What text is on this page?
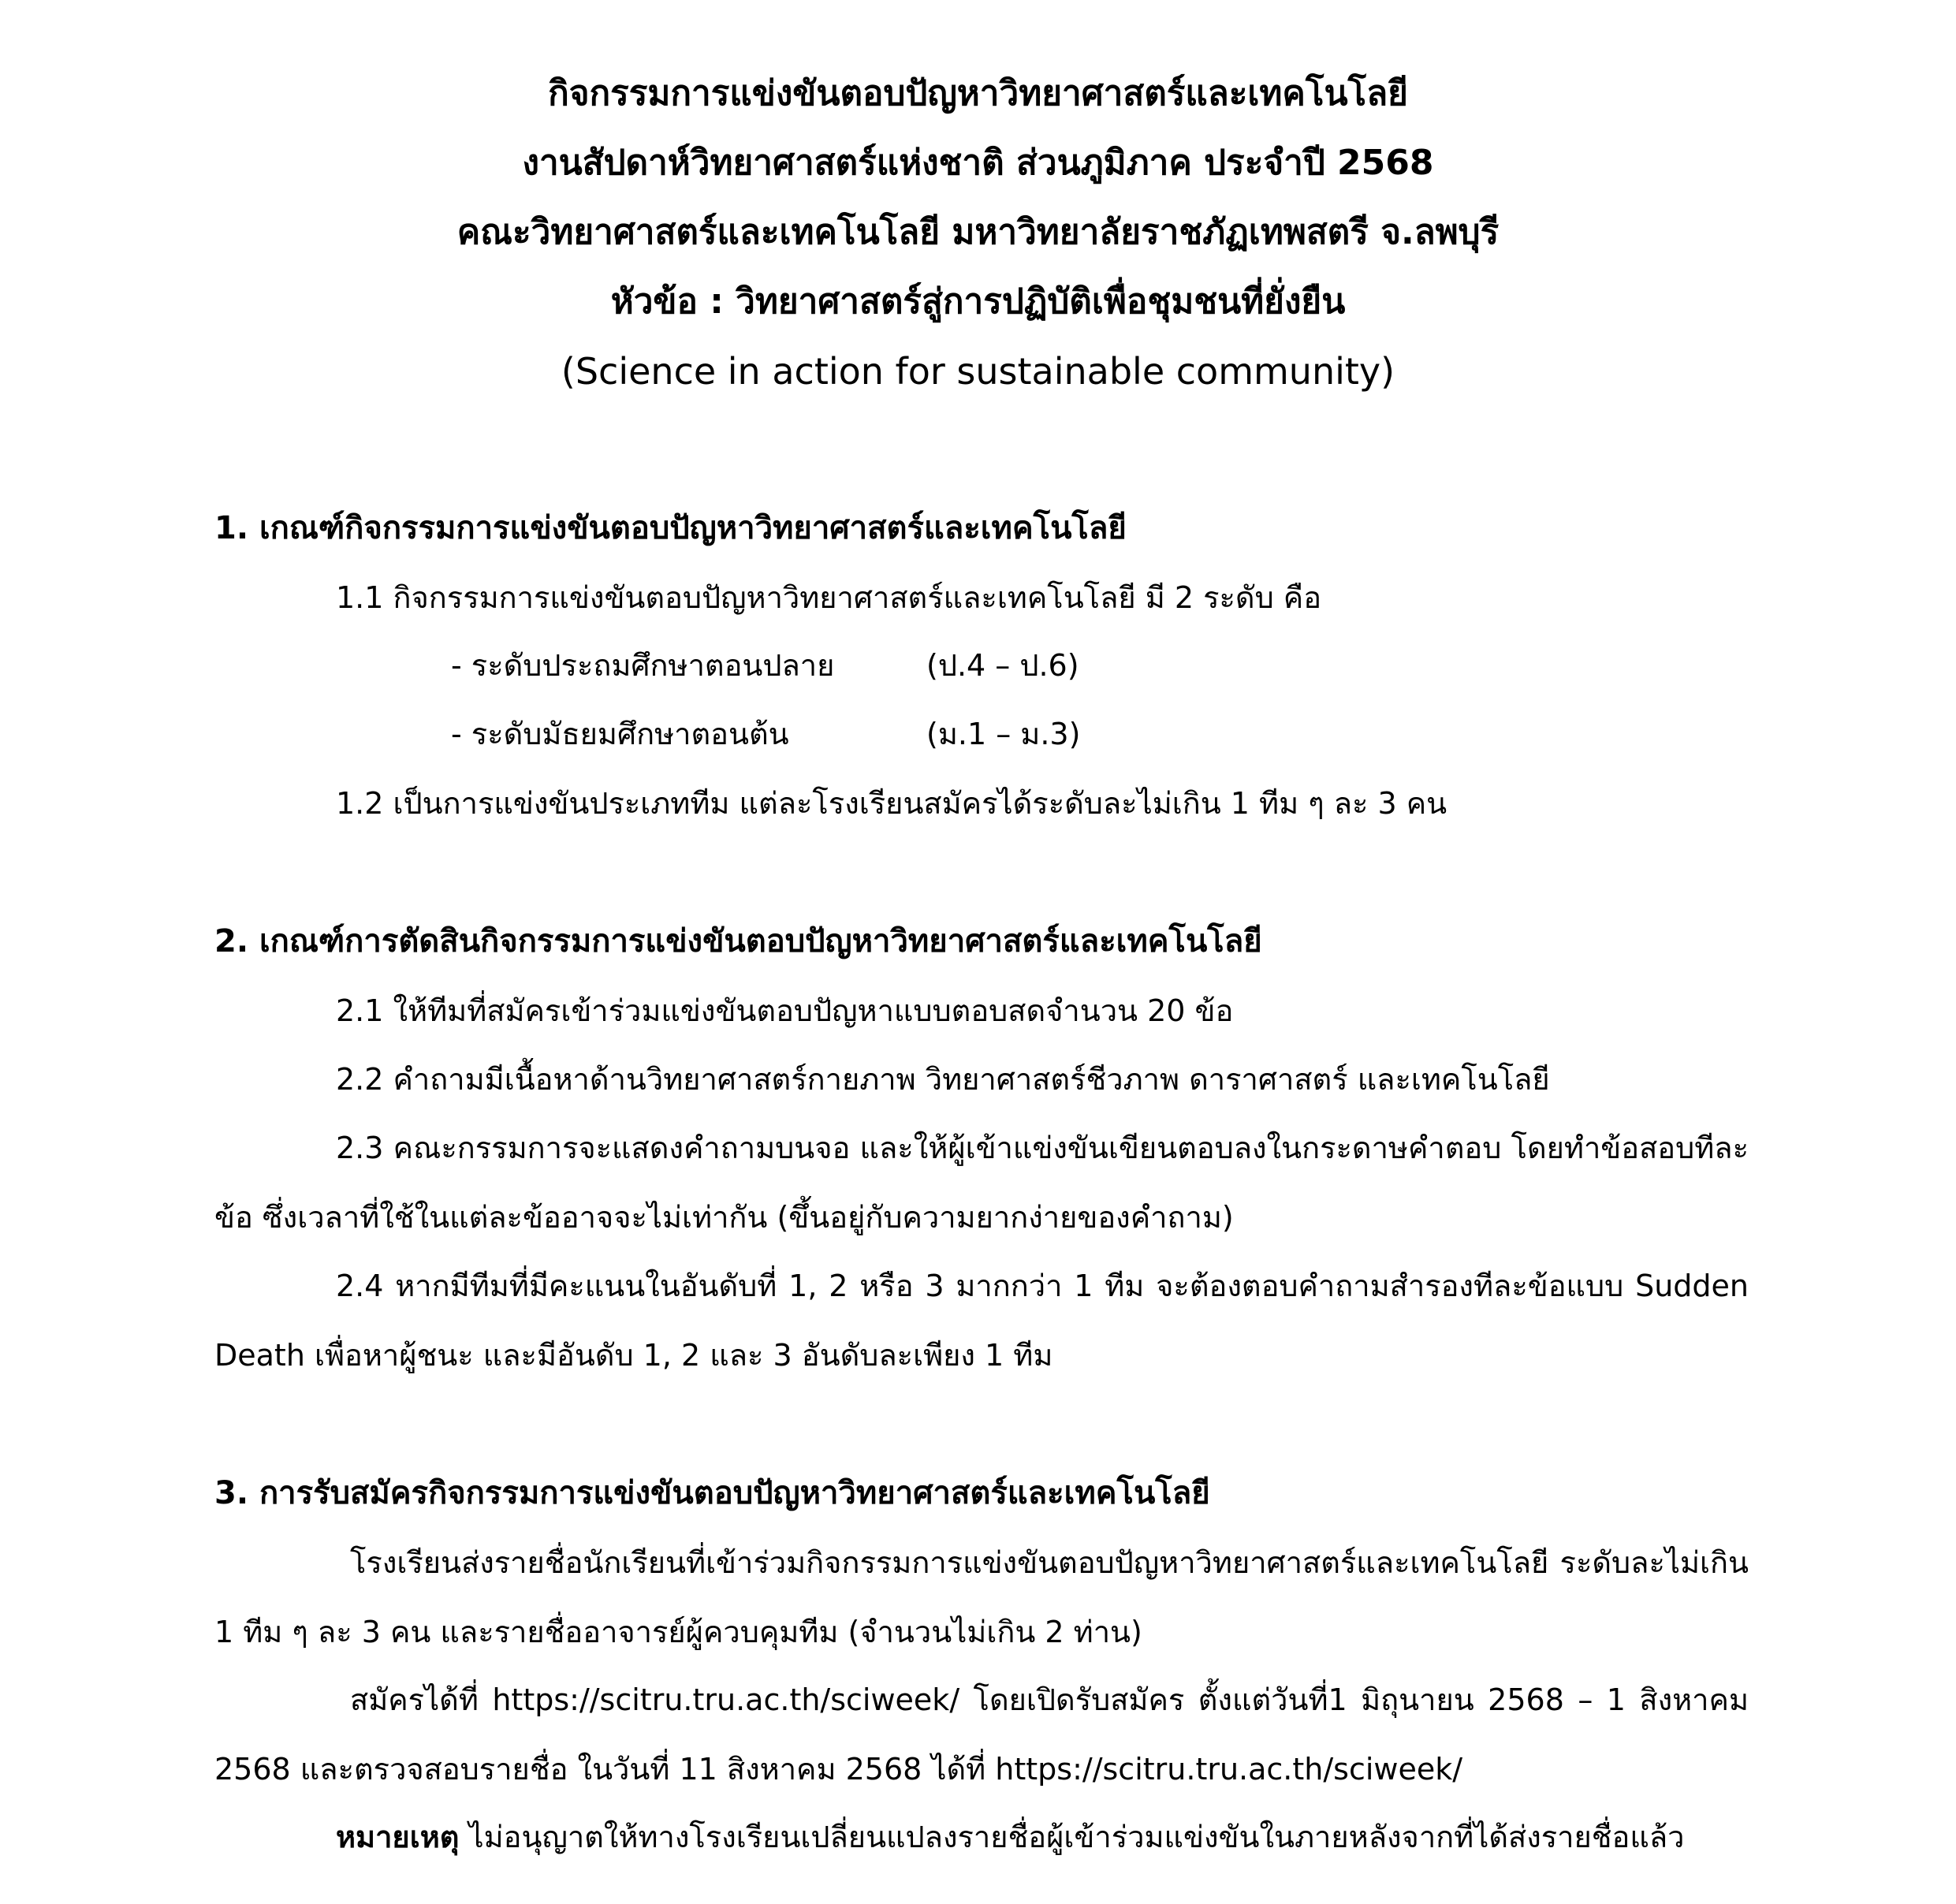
กิจกรรมการแข่งขันตอบปัญหาวิทยาศาสตร์และเทคโนโลยี
งานสัปดาห์วิทยาศาสตร์แห่งชาติ ส่วนภูมิภาค ประจำปี 2568
คณะวิทยาศาสตร์และเทคโนโลยี มหาวิทยาลัยราชภัฏเทพสตรี จ.ลพบุรี
หัวข้อ : วิทยาศาสตร์สู่การปฏิบัติเพื่อชุมชนที่ยั่งยืน
(Science in action for sustainable community)
1. เกณฑ์กิจกรรมการแข่งขันตอบปัญหาวิทยาศาสตร์และเทคโนโลยี
1.1 กิจกรรมการแข่งขันตอบปัญหาวิทยาศาสตร์และเทคโนโลยี มี 2 ระดับ คือ
- ระดับประถมศึกษาตอนปลาย	(ป.4 – ป.6)
- ระดับมัธยมศึกษาตอนต้น	(ม.1 – ม.3)
1.2 เป็นการแข่งขันประเภททีม แต่ละโรงเรียนสมัครได้ระดับละไม่เกิน 1 ทีม ๆ ละ 3 คน
2. เกณฑ์การตัดสินกิจกรรมการแข่งขันตอบปัญหาวิทยาศาสตร์และเทคโนโลยี
2.1 ให้ทีมที่สมัครเข้าร่วมแข่งขันตอบปัญหาแบบตอบสดจำนวน 20 ข้อ
2.2 คำถามมีเนื้อหาด้านวิทยาศาสตร์กายภาพ วิทยาศาสตร์ชีวภาพ ดาราศาสตร์ และเทคโนโลยี
2.3 คณะกรรมการจะแสดงคำถามบนจอ และให้ผู้เข้าแข่งขันเขียนตอบลงในกระดาษคำตอบ โดยทำข้อสอบทีละข้อ ซึ่งเวลาที่ใช้ในแต่ละข้ออาจจะไม่เท่ากัน (ขึ้นอยู่กับความยากง่ายของคำถาม)
2.4 หากมีทีมที่มีคะแนนในอันดับที่ 1, 2 หรือ 3 มากกว่า 1 ทีม จะต้องตอบคำถามสำรองทีละข้อแบบ Sudden Death เพื่อหาผู้ชนะ และมีอันดับ 1, 2 และ 3 อันดับละเพียง 1 ทีม
3. การรับสมัครกิจกรรมการแข่งขันตอบปัญหาวิทยาศาสตร์และเทคโนโลยี
โรงเรียนส่งรายชื่อนักเรียนที่เข้าร่วมกิจกรรมการแข่งขันตอบปัญหาวิทยาศาสตร์และเทคโนโลยี ระดับละไม่เกิน 1 ทีม ๆ ละ 3 คน และรายชื่ออาจารย์ผู้ควบคุมทีม (จำนวนไม่เกิน 2 ท่าน)
สมัครได้ที่ https://scitru.tru.ac.th/sciweek/ โดยเปิดรับสมัคร ตั้งแต่วันที่1 มิถุนายน 2568 – 1 สิงหาคม 2568 และตรวจสอบรายชื่อ ในวันที่ 11 สิงหาคม 2568 ได้ที่ https://scitru.tru.ac.th/sciweek/
หมายเหตุ ไม่อนุญาตให้ทางโรงเรียนเปลี่ยนแปลงรายชื่อผู้เข้าร่วมแข่งขันในภายหลังจากที่ได้ส่งรายชื่อแล้ว
